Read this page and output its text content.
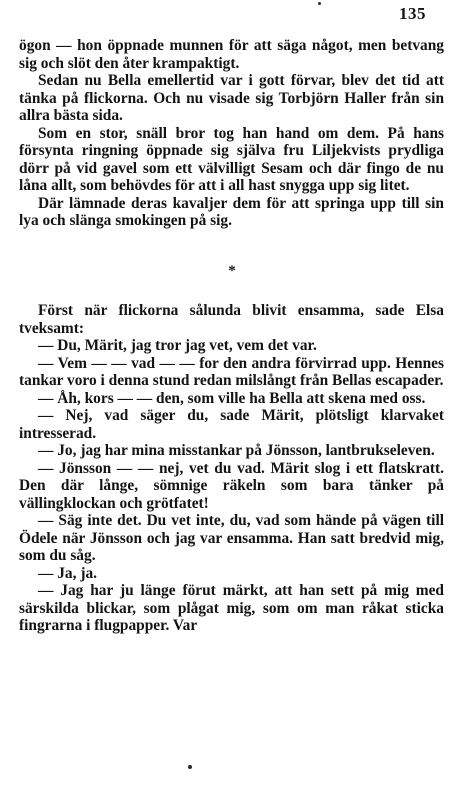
135

ögon — hon öppnade munnen för att säga något, men betvang sig och slöt den åter krampaktigt.

Sedan nu Bella emellertid var i gott förvar, blev det tid att tänka på flickorna. Och nu visade sig Torbjörn Haller från sin allra bästa sida.

Som en stor, snäll bror tog han hand om dem. På hans försynta ringning öppnade sig själva fru Liljekvists prydliga dörr på vid gavel som ett välvilligt Sesam och där fingo de nu låna allt, som behövdes för att i all hast snygga upp sig litet.

Där lämnade deras kavaljer dem för att springa upp till sin lya och slänga smokingen på sig.

*

Först när flickorna sålunda blivit ensamma, sade Elsa tveksamt:

— Du, Märit, jag tror jag vet, vem det var.

— Vem — — vad — — for den andra förvirrad upp. Hennes tankar voro i denna stund redan milslångt från Bellas escapader.

— Åh, kors — — den, som ville ha Bella att skena med oss.

— Nej, vad säger du, sade Märit, plötsligt klarvaket intresserad.

— Jo, jag har mina misstankar på Jönsson, lantbrukseleven.

— Jönsson — — nej, vet du vad. Märit slog i ett flatskratt. Den där långe, sömnige räkeln som bara tänker på vällingklockan och grötfatet!

— Säg inte det. Du vet inte, du, vad som hände på vägen till Ödele när Jönsson och jag var ensamma. Han satt bredvid mig, som du såg.

— Ja, ja.

— Jag har ju länge förut märkt, att han sett på mig med särskilda blickar, som plågat mig, som om man råkat sticka fingrarna i flugpapper. Var
